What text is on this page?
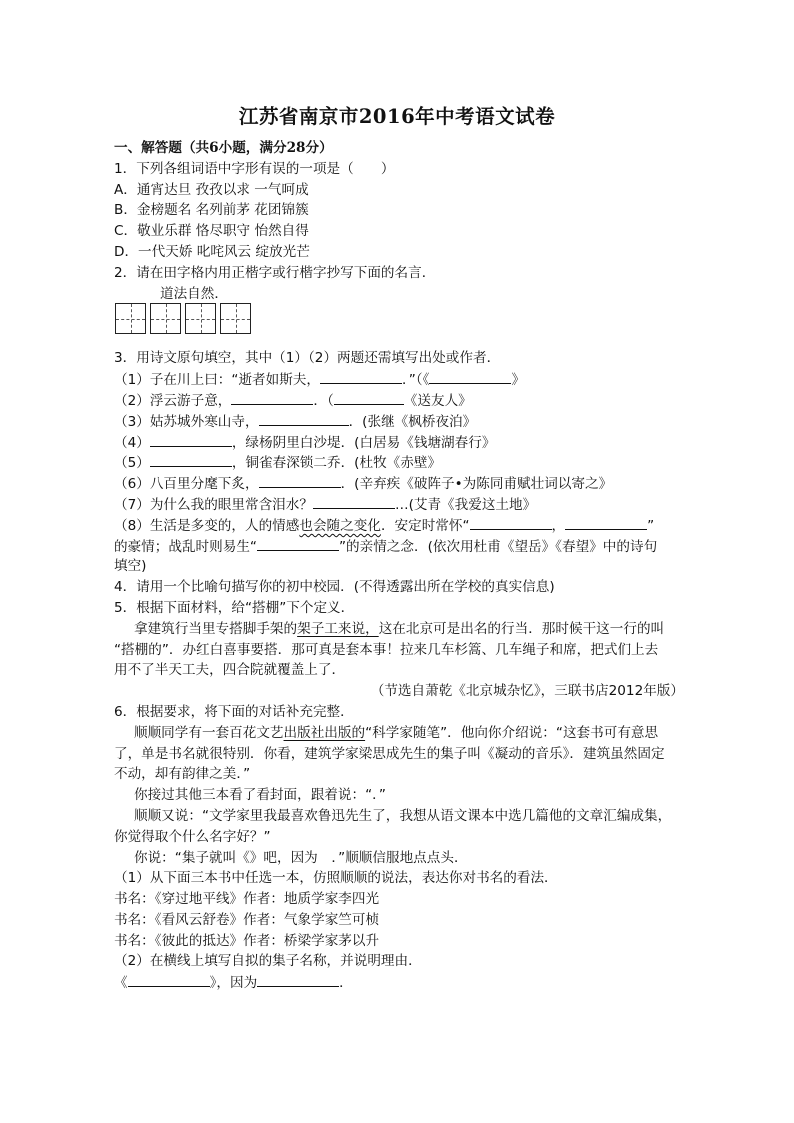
江苏省南京市2016年中考语文试卷
一、解答题（共6小题，满分28分）
1．下列各组词语中字形有误的一项是（　　）
A．通宵达旦 孜孜以求 一气呵成
B．金榜题名 名列前茅 花团锦簇
C．敬业乐群 恪尽职守 怡然自得
D．一代天娇 叱咤风云 绽放光芒
2．请在田字格内用正楷字或行楷字抄写下面的名言．
道法自然．
3．用诗文原句填空，其中（1）（2）两题还需填写出处或作者．
（1）子在川上曰：“逝者如斯夫，	．”（《	》
（2）浮云游子意，	．（	《送友人》
（3）姑苏城外寒山寺，	．(张继《枫桥夜泊》
（4）	，绿杨阴里白沙堤．(白居易《钱塘湖春行》
（5）	，铜雀春深锁二乔．(杜牧《赤壁》
（6）八百里分麾下炙，	．(辛弃疾《破阵子•为陈同甫赋壮词以寄之》
（7）为什么我的眼里常含泪水？	…(艾青《我爱这土地》
（8）生活是多变的，人的情感也会随之变化．安定时常怀“	，	”
的豪情；战乱时则易生“	”的亲情之念．(依次用杜甫《望岳》《春望》中的诗句
填空)
4．请用一个比喻句描写你的初中校园．(不得透露出所在学校的真实信息)
5．根据下面材料，给“搭棚”下个定义．
拿建筑行当里专搭脚手架的架子工来说，这在北京可是出名的行当．那时候干这一行的叫
“搭棚的”．办红白喜事要搭．那可真是套本事！拉来几车杉篙、几车绳子和席，把式们上去
用不了半天工夫，四合院就覆盖上了．
（节选自萧乾《北京城杂忆》，三联书店2012年版）
6．根据要求，将下面的对话补充完整．
顺顺同学有一套百花文艺出版社出版的“科学家随笔”．他向你介绍说：“这套书可有意思
了，单是书名就很特别．你看，建筑学家梁思成先生的集子叫《凝动的音乐》．建筑虽然固定
不动，却有韵律之美．”
你接过其他三本看了看封面，跟着说：“．”
顺顺又说：“文学家里我最喜欢鲁迅先生了，我想从语文课本中选几篇他的文章汇编成集，
你觉得取个什么名字好？”
你说：“集子就叫《》吧，因为　．”顺顺信服地点点头．
（1）从下面三本书中任选一本，仿照顺顺的说法，表达你对书名的看法．
书名：《穿过地平线》作者：地质学家李四光
书名：《看风云舒卷》作者：气象学家竺可桢
书名：《彼此的抵达》作者：桥梁学家茅以升
（2）在横线上填写自拟的集子名称，并说明理由．
《	》，因为	．
